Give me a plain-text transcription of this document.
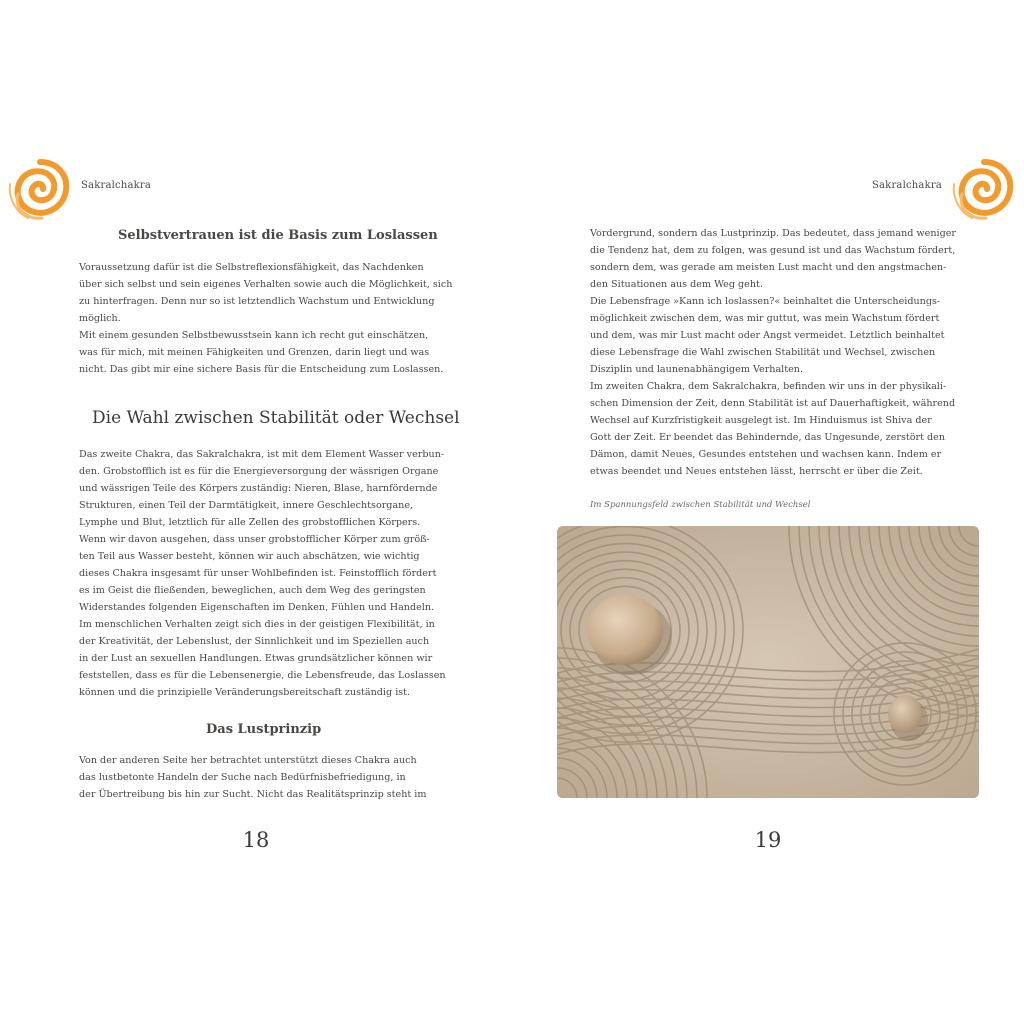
Sakralchakra
Selbstvertrauen ist die Basis zum Loslassen
Voraussetzung dafür ist die Selbstreflexionsfähigkeit, das Nachdenken
über sich selbst und sein eigenes Verhalten sowie auch die Möglichkeit, sich
zu hinterfragen. Denn nur so ist letztendlich Wachstum und Entwicklung
möglich.
Mit einem gesunden Selbstbewusstsein kann ich recht gut einschätzen,
was für mich, mit meinen Fähigkeiten und Grenzen, darin liegt und was
nicht. Das gibt mir eine sichere Basis für die Entscheidung zum Loslassen.
Die Wahl zwischen Stabilität oder Wechsel
Das zweite Chakra, das Sakralchakra, ist mit dem Element Wasser verbun-
den. Grobstofflich ist es für die Energieversorgung der wässrigen Organe
und wässrigen Teile des Körpers zuständig: Nieren, Blase, harnfördernde
Strukturen, einen Teil der Darmtätigkeit, innere Geschlechtsorgane,
Lymphe und Blut, letztlich für alle Zellen des grobstofflichen Körpers.
Wenn wir davon ausgehen, dass unser grobstofflicher Körper zum größ-
ten Teil aus Wasser besteht, können wir auch abschätzen, wie wichtig
dieses Chakra insgesamt für unser Wohlbefinden ist. Feinstofflich fördert
es im Geist die fließenden, beweglichen, auch dem Weg des geringsten
Widerstandes folgenden Eigenschaften im Denken, Fühlen und Handeln.
Im menschlichen Verhalten zeigt sich dies in der geistigen Flexibilität, in
der Kreativität, der Lebenslust, der Sinnlichkeit und im Speziellen auch
in der Lust an sexuellen Handlungen. Etwas grundsätzlicher können wir
feststellen, dass es für die Lebensenergie, die Lebensfreude, das Loslassen
können und die prinzipielle Veränderungsbereitschaft zuständig ist.
Das Lustprinzip
Von der anderen Seite her betrachtet unterstützt dieses Chakra auch
das lustbetonte Handeln der Suche nach Bedürfnisbefriedigung, in
der Übertreibung bis hin zur Sucht. Nicht das Realitätsprinzip steht im
18
Sakralchakra
Vordergrund, sondern das Lustprinzip. Das bedeutet, dass jemand weniger
die Tendenz hat, dem zu folgen, was gesund ist und das Wachstum fördert,
sondern dem, was gerade am meisten Lust macht und den angstmachen-
den Situationen aus dem Weg geht.
Die Lebensfrage »Kann ich loslassen?« beinhaltet die Unterscheidungs-
möglichkeit zwischen dem, was mir guttut, was mein Wachstum fördert
und dem, was mir Lust macht oder Angst vermeidet. Letztlich beinhaltet
diese Lebensfrage die Wahl zwischen Stabilität und Wechsel, zwischen
Disziplin und launenabhängigem Verhalten.
Im zweiten Chakra, dem Sakralchakra, befinden wir uns in der physikali-
schen Dimension der Zeit, denn Stabilität ist auf Dauerhaftigkeit, während
Wechsel auf Kurzfristigkeit ausgelegt ist. Im Hinduismus ist Shiva der
Gott der Zeit. Er beendet das Behindernde, das Ungesunde, zerstört den
Dämon, damit Neues, Gesundes entstehen und wachsen kann. Indem er
etwas beendet und Neues entstehen lässt, herrscht er über die Zeit.
Im Spannungsfeld zwischen Stabilität und Wechsel
19
